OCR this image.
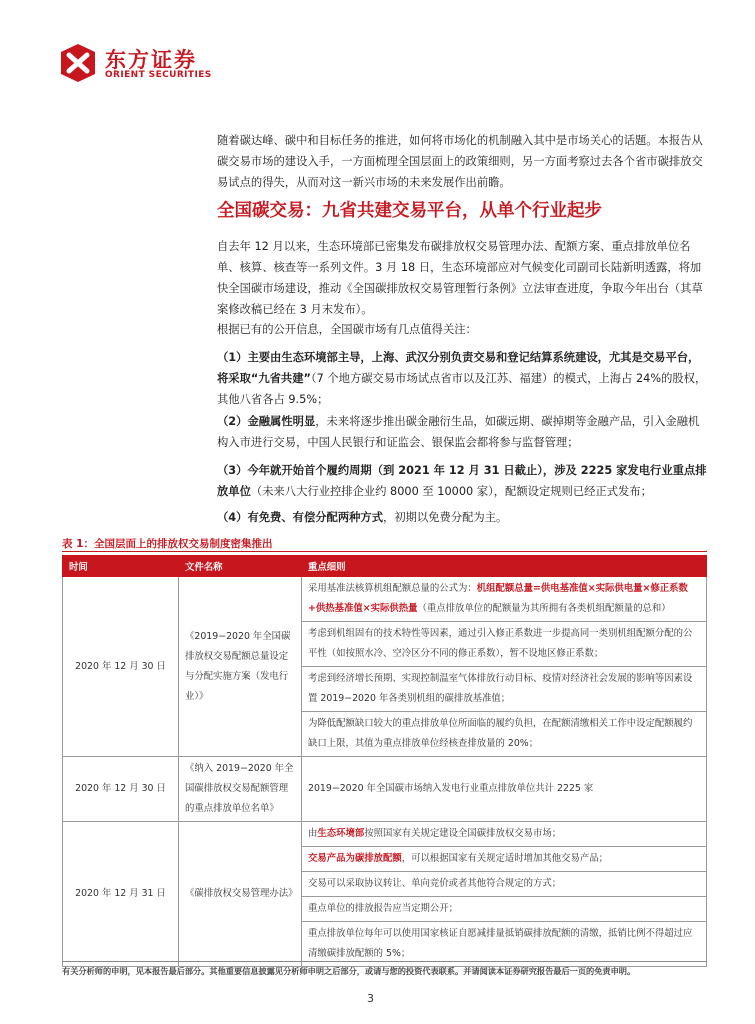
东方证券
ORIENT SECURITIES
随着碳达峰、碳中和目标任务的推进，如何将市场化的机制融入其中是市场关心的话题。本报告从碳交易市场的建设入手，一方面梳理全国层面上的政策细则，另一方面考察过去各个省市碳排放交易试点的得失，从而对这一新兴市场的未来发展作出前瞻。
全国碳交易：九省共建交易平台，从单个行业起步
自去年 12 月以来，生态环境部已密集发布碳排放权交易管理办法、配额方案、重点排放单位名单、核算、核查等一系列文件。3 月 18 日，生态环境部应对气候变化司副司长陆新明透露，将加快全国碳市场建设，推动《全国碳排放权交易管理暂行条例》立法审查进度，争取今年出台（其草案修改稿已经在 3 月末发布）。
根据已有的公开信息，全国碳市场有几点值得关注：
（1）主要由生态环境部主导，上海、武汉分别负责交易和登记结算系统建设，尤其是交易平台，将采取“九省共建”（7 个地方碳交易市场试点省市以及江苏、福建）的模式，上海占 24%的股权，其他八省各占 9.5%；
（2）金融属性明显，未来将逐步推出碳金融衍生品，如碳远期、碳掉期等金融产品，引入金融机构入市进行交易，中国人民银行和证监会、银保监会都将参与监督管理；
（3）今年就开始首个履约周期（到 2021 年 12 月 31 日截止），涉及 2225 家发电行业重点排放单位（未来八大行业控排企业约 8000 至 10000 家），配额设定规则已经正式发布；
（4）有免费、有偿分配两种方式，初期以免费分配为主。
表 1：全国层面上的排放权交易制度密集推出
时间	文件名称	重点细则
2020 年 12 月 30 日	《2019−2020 年全国碳排放权交易配额总量设定与分配实施方案（发电行业）》	采用基准法核算机组配额总量的公式为：机组配额总量=供电基准值×实际供电量×修正系数+供热基准值×实际供热量（重点排放单位的配额量为其所拥有各类机组配额量的总和）
		考虑到机组固有的技术特性等因素，通过引入修正系数进一步提高同一类别机组配额分配的公平性（如按照水冷、空冷区分不同的修正系数），暂不设地区修正系数；
		考虑到经济增长预期、实现控制温室气体排放行动目标、疫情对经济社会发展的影响等因素设置 2019−2020 年各类别机组的碳排放基准值；
		为降低配额缺口较大的重点排放单位所面临的履约负担，在配额清缴相关工作中设定配额履约缺口上限，其值为重点排放单位经核查排放量的 20%；
2020 年 12 月 30 日	《纳入 2019−2020 年全国碳排放权交易配额管理的重点排放单位名单》	2019−2020 年全国碳市场纳入发电行业重点排放单位共计 2225 家
2020 年 12 月 31 日	《碳排放权交易管理办法》	由生态环境部按照国家有关规定建设全国碳排放权交易市场；
		交易产品为碳排放配额，可以根据国家有关规定适时增加其他交易产品；
		交易可以采取协议转让、单向竞价或者其他符合规定的方式；
		重点单位的排放报告应当定期公开；
		重点排放单位每年可以使用国家核证自愿减排量抵销碳排放配额的清缴，抵销比例不得超过应清缴碳排放配额的 5%；
有关分析师的申明，见本报告最后部分。其他重要信息披露见分析师申明之后部分，或请与您的投资代表联系。并请阅读本证券研究报告最后一页的免责申明。
3
